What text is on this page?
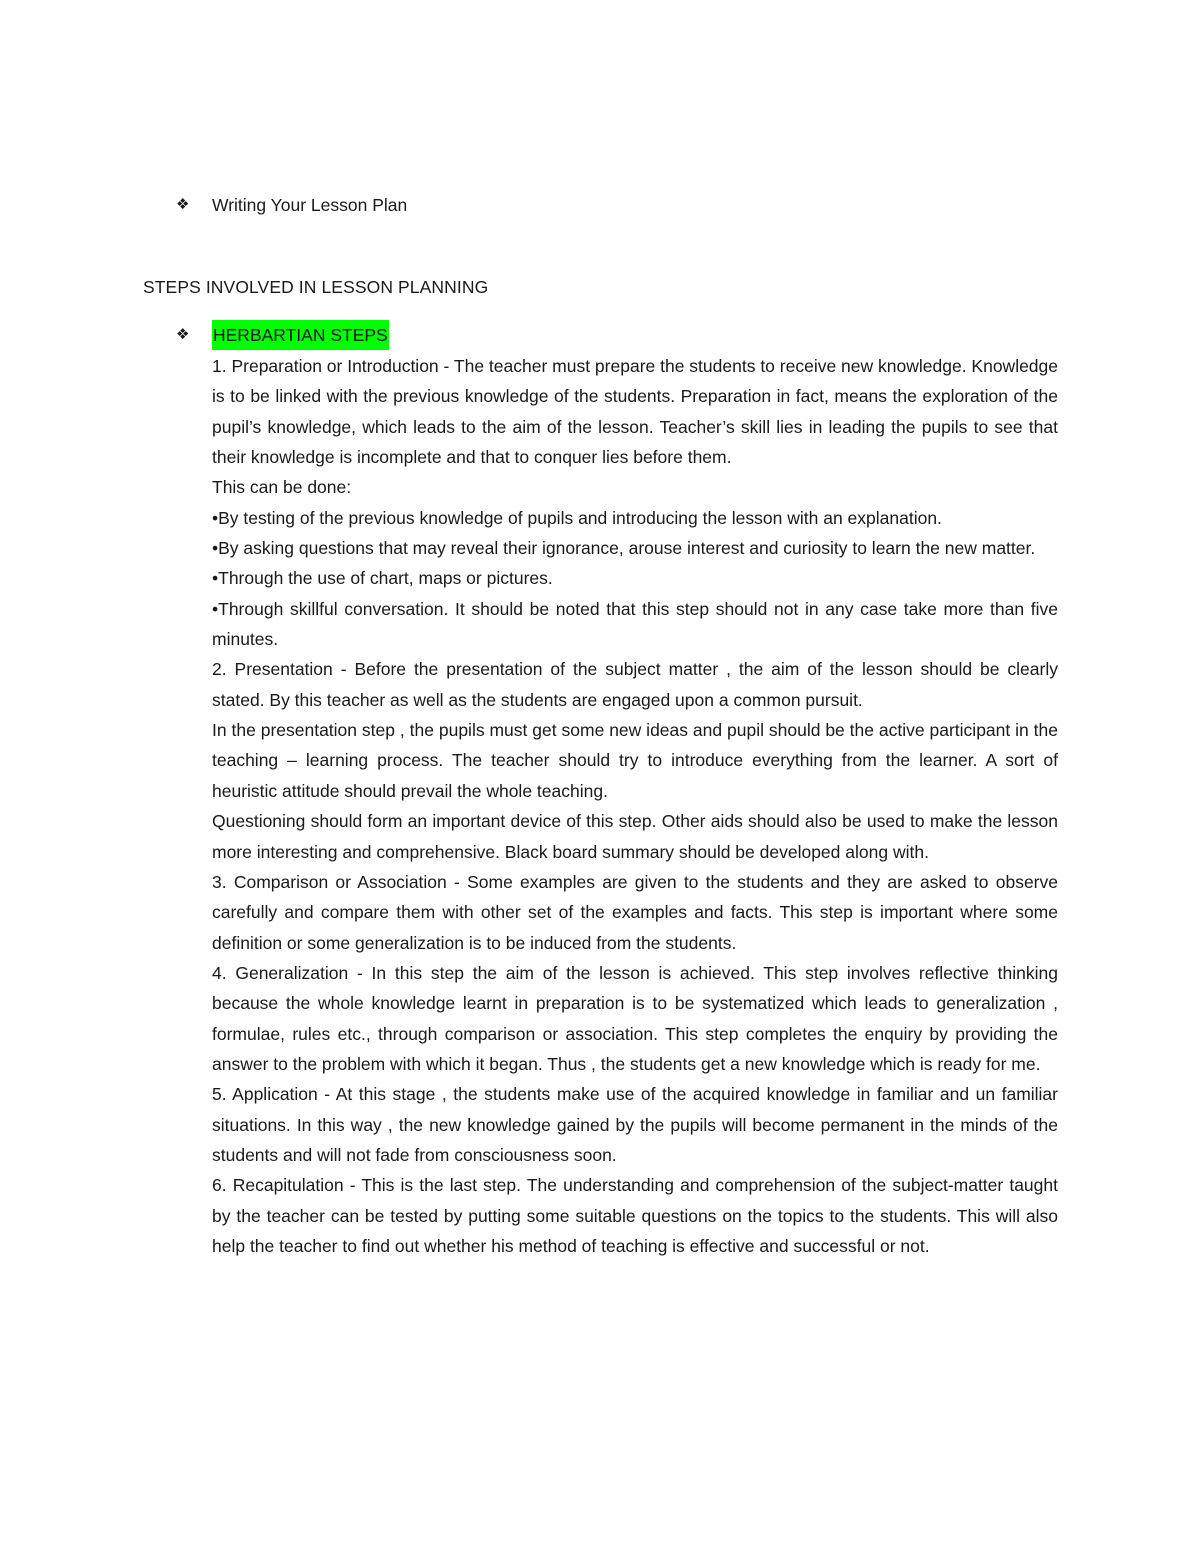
❖	Writing Your Lesson Plan
STEPS INVOLVED IN LESSON PLANNING
❖	HERBARTIAN STEPS

1. Preparation or Introduction - The teacher must prepare the students to receive new knowledge. Knowledge is to be linked with the previous knowledge of the students. Preparation in fact, means the exploration of the pupil’s knowledge, which leads to the aim of the lesson. Teacher’s skill lies in leading the pupils to see that their knowledge is incomplete and that to conquer lies before them.

This can be done:

•By testing of the previous knowledge of pupils and introducing the lesson with an explanation.

•By asking questions that may reveal their ignorance, arouse interest and curiosity to learn the new matter.

•Through the use of chart, maps or pictures.

•Through skillful conversation. It should be noted that this step should not in any case take more than five minutes.

2. Presentation - Before the presentation of the subject matter , the aim of the lesson should be clearly stated. By this teacher as well as the students are engaged upon a common pursuit.

In the presentation step , the pupils must get some new ideas and pupil should be the active participant in the teaching – learning process. The teacher should try to introduce everything from the learner. A sort of heuristic attitude should prevail the whole teaching.

Questioning should form an important device of this step. Other aids should also be used to make the lesson more interesting and comprehensive. Black board summary should be developed along with.

3. Comparison or Association - Some examples are given to the students and they are asked to observe carefully and compare them with other set of the examples and facts. This step is important where some definition or some generalization is to be induced from the students.

4. Generalization - In this step the aim of the lesson is achieved. This step involves reflective thinking because the whole knowledge learnt in preparation is to be systematized which leads to generalization , formulae, rules etc., through comparison or association. This step completes the enquiry by providing the answer to the problem with which it began. Thus , the students get a new knowledge which is ready for me.

5. Application - At this stage , the students make use of the acquired knowledge in familiar and un familiar situations. In this way , the new knowledge gained by the pupils will become permanent in the minds of the students and will not fade from consciousness soon.

6. Recapitulation - This is the last step. The understanding and comprehension of the subject-matter taught by the teacher can be tested by putting some suitable questions on the topics to the students. This will also help the teacher to find out whether his method of teaching is effective and successful or not.
